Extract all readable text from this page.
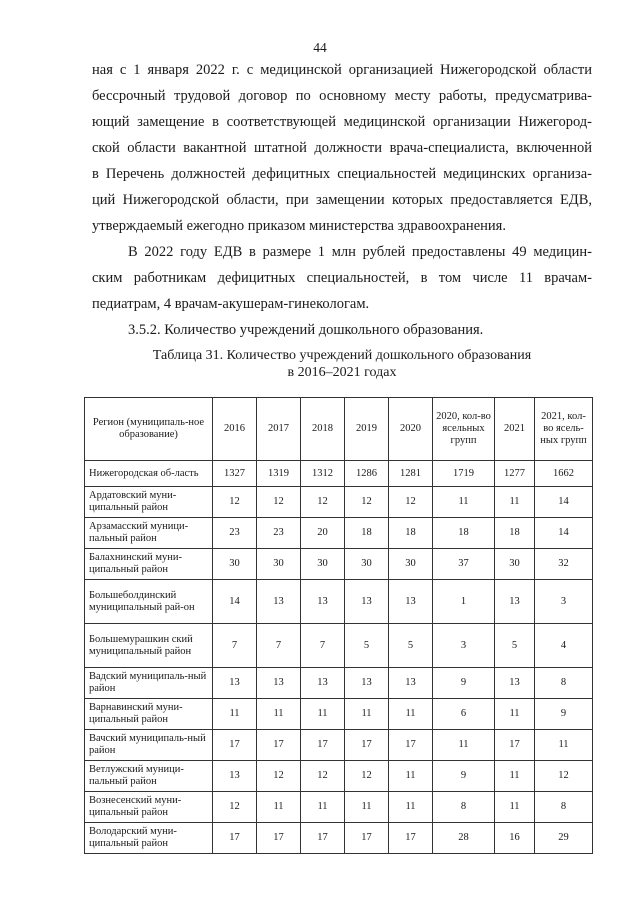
44
ная с 1 января 2022 г. с медицинской организацией Нижегородской области
бессрочный трудовой договор по основному месту работы, предусматрива-
ющий замещение в соответствующей медицинской организации Нижегород-
ской области вакантной штатной должности врача-специалиста, включенной
в Перечень должностей дефицитных специальностей медицинских организа-
ций Нижегородской области, при замещении которых предоставляется ЕДВ,
утверждаемый ежегодно приказом министерства здравоохранения.
В 2022 году ЕДВ в размере 1 млн рублей предоставлены 49 медицин-
ским работникам дефицитных специальностей, в том числе 11 врачам-
педиатрам, 4 врачам-акушерам-гинекологам.
3.5.2. Количество учреждений дошкольного образования.
Таблица 31. Количество учреждений дошкольного образования
в 2016–2021 годах
Регион (муниципаль-ное образование)	2016	2017	2018	2019	2020	2020, кол-во ясельных групп	2021	2021, кол-во ясель-ных групп
Нижегородская об-ласть	1327	1319	1312	1286	1281	1719	1277	1662
Ардатовский муни-ципальный район	12	12	12	12	12	11	11	14
Арзамасский муници-пальный район	23	23	20	18	18	18	18	14
Балахнинский муни-ципальный район	30	30	30	30	30	37	30	32
Большеболдинский муниципальный рай-он	14	13	13	13	13	1	13	3
Большемурашкин ский муниципальный район	7	7	7	5	5	3	5	4
Вадский муниципаль-ный район	13	13	13	13	13	9	13	8
Варнавинский муни-ципальный район	11	11	11	11	11	6	11	9
Вачский муниципаль-ный район	17	17	17	17	17	11	17	11
Ветлужский муници-пальный район	13	12	12	12	11	9	11	12
Вознесенский муни-ципальный район	12	11	11	11	11	8	11	8
Володарский муни-ципальный район	17	17	17	17	17	28	16	29
